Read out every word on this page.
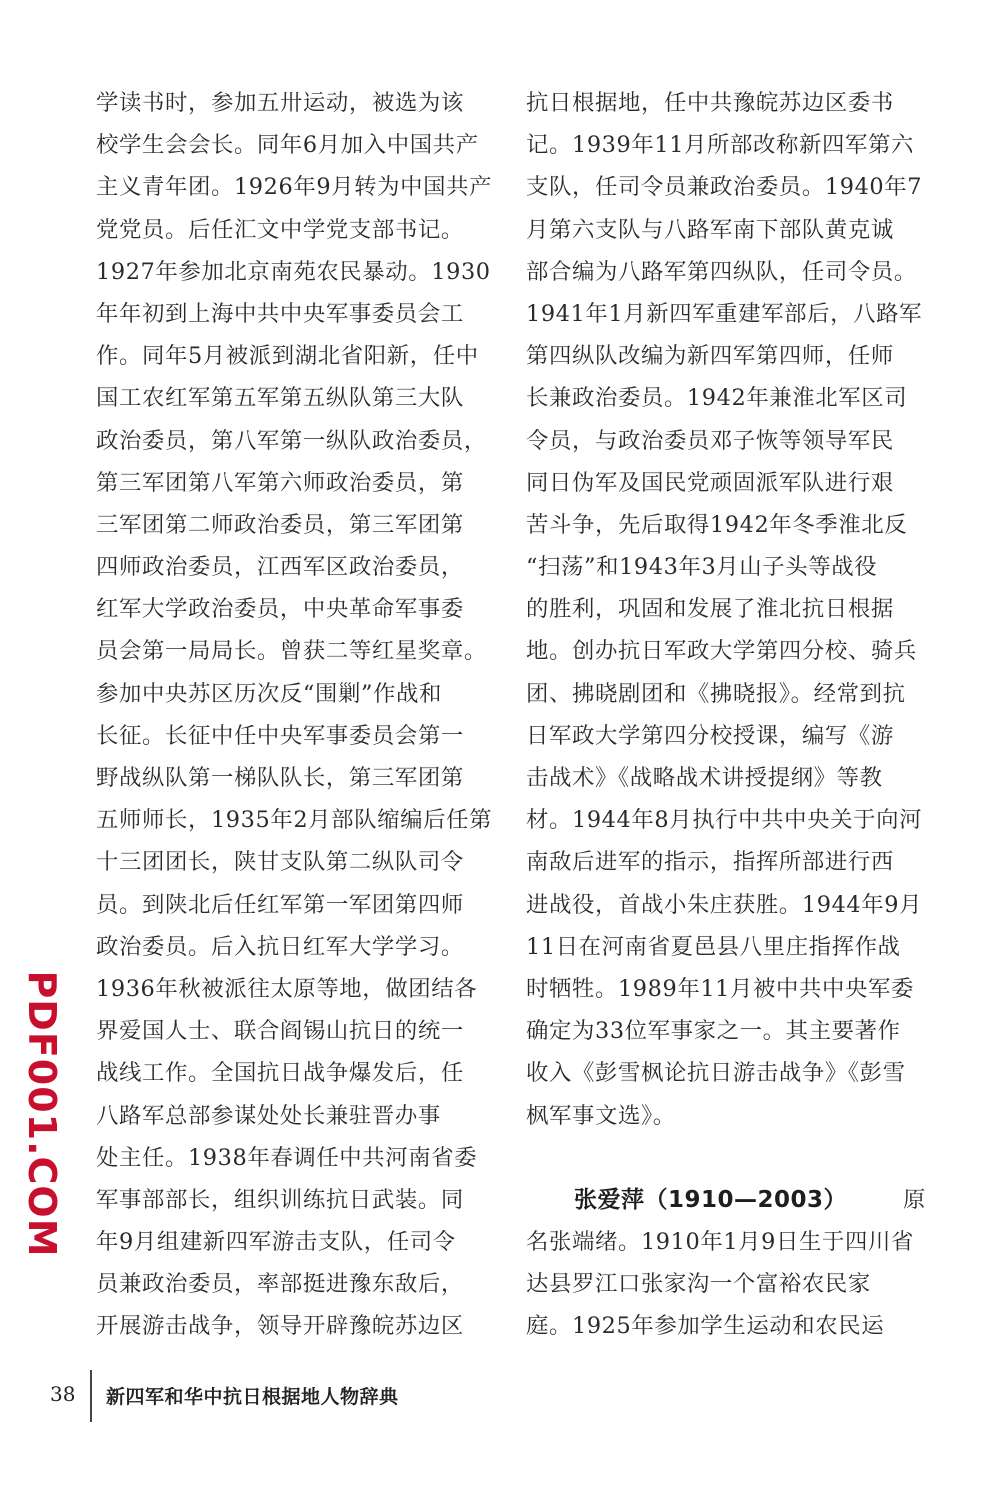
学读书时，参加五卅运动，被选为该
校学生会会长。同年6月加入中国共产
主义青年团。1926年9月转为中国共产
党党员。后任汇文中学党支部书记。
1927年参加北京南苑农民暴动。1930
年年初到上海中共中央军事委员会工
作。同年5月被派到湖北省阳新，任中
国工农红军第五军第五纵队第三大队
政治委员，第八军第一纵队政治委员，
第三军团第八军第六师政治委员，第
三军团第二师政治委员，第三军团第
四师政治委员，江西军区政治委员，
红军大学政治委员，中央革命军事委
员会第一局局长。曾获二等红星奖章。
参加中央苏区历次反“围剿”作战和
长征。长征中任中央军事委员会第一
野战纵队第一梯队队长，第三军团第
五师师长，1935年2月部队缩编后任第
十三团团长，陕甘支队第二纵队司令
员。到陕北后任红军第一军团第四师
政治委员。后入抗日红军大学学习。
1936年秋被派往太原等地，做团结各
界爱国人士、联合阎锡山抗日的统一
战线工作。全国抗日战争爆发后，任
八路军总部参谋处处长兼驻晋办事
处主任。1938年春调任中共河南省委
军事部部长，组织训练抗日武装。同
年9月组建新四军游击支队，任司令
员兼政治委员，率部挺进豫东敌后，
开展游击战争，领导开辟豫皖苏边区
抗日根据地，任中共豫皖苏边区委书
记。1939年11月所部改称新四军第六
支队，任司令员兼政治委员。1940年7
月第六支队与八路军南下部队黄克诚
部合编为八路军第四纵队，任司令员。
1941年1月新四军重建军部后，八路军
第四纵队改编为新四军第四师，任师
长兼政治委员。1942年兼淮北军区司
令员，与政治委员邓子恢等领导军民
同日伪军及国民党顽固派军队进行艰
苦斗争，先后取得1942年冬季淮北反
“扫荡”和1943年3月山子头等战役
的胜利，巩固和发展了淮北抗日根据
地。创办抗日军政大学第四分校、骑兵
团、拂晓剧团和《拂晓报》。经常到抗
日军政大学第四分校授课，编写《游
击战术》《战略战术讲授提纲》等教
材。1944年8月执行中共中央关于向河
南敌后进军的指示，指挥所部进行西
进战役，首战小朱庄获胜。1944年9月
11日在河南省夏邑县八里庄指挥作战
时牺牲。1989年11月被中共中央军委
确定为33位军事家之一。其主要著作
收入《彭雪枫论抗日游击战争》《彭雪
枫军事文选》。
张爱萍（1910—2003） 原
名张端绪。1910年1月9日生于四川省
达县罗江口张家沟一个富裕农民家
庭。1925年参加学生运动和农民运
PDF001.COM
38 新四军和华中抗日根据地人物辞典
